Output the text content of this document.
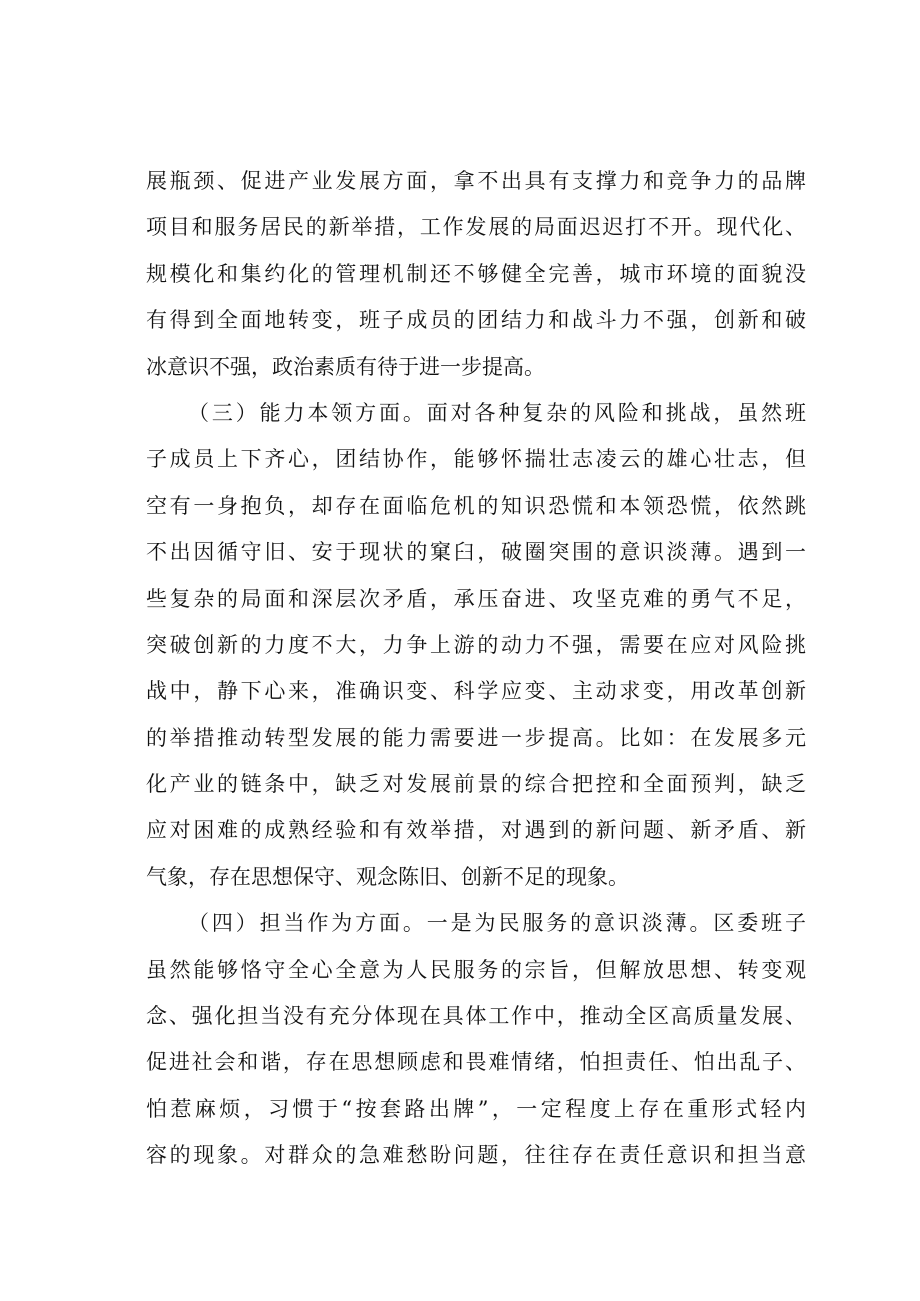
展瓶颈、促进产业发展方面，拿不出具有支撑力和竞争力的品牌
项目和服务居民的新举措，工作发展的局面迟迟打不开。现代化、
规模化和集约化的管理机制还不够健全完善，城市环境的面貌没
有得到全面地转变，班子成员的团结力和战斗力不强，创新和破
冰意识不强，政治素质有待于进一步提高。
（三）能力本领方面。面对各种复杂的风险和挑战，虽然班
子成员上下齐心，团结协作，能够怀揣壮志凌云的雄心壮志，但
空有一身抱负，却存在面临危机的知识恐慌和本领恐慌，依然跳
不出因循守旧、安于现状的窠臼，破圈突围的意识淡薄。遇到一
些复杂的局面和深层次矛盾，承压奋进、攻坚克难的勇气不足，
突破创新的力度不大，力争上游的动力不强，需要在应对风险挑
战中，静下心来，准确识变、科学应变、主动求变，用改革创新
的举措推动转型发展的能力需要进一步提高。比如：在发展多元
化产业的链条中，缺乏对发展前景的综合把控和全面预判，缺乏
应对困难的成熟经验和有效举措，对遇到的新问题、新矛盾、新
气象，存在思想保守、观念陈旧、创新不足的现象。
（四）担当作为方面。一是为民服务的意识淡薄。区委班子
虽然能够恪守全心全意为人民服务的宗旨，但解放思想、转变观
念、强化担当没有充分体现在具体工作中，推动全区高质量发展、
促进社会和谐，存在思想顾虑和畏难情绪，怕担责任、怕出乱子、
怕惹麻烦，习惯于“按套路出牌”，一定程度上存在重形式轻内
容的现象。对群众的急难愁盼问题，往往存在责任意识和担当意
